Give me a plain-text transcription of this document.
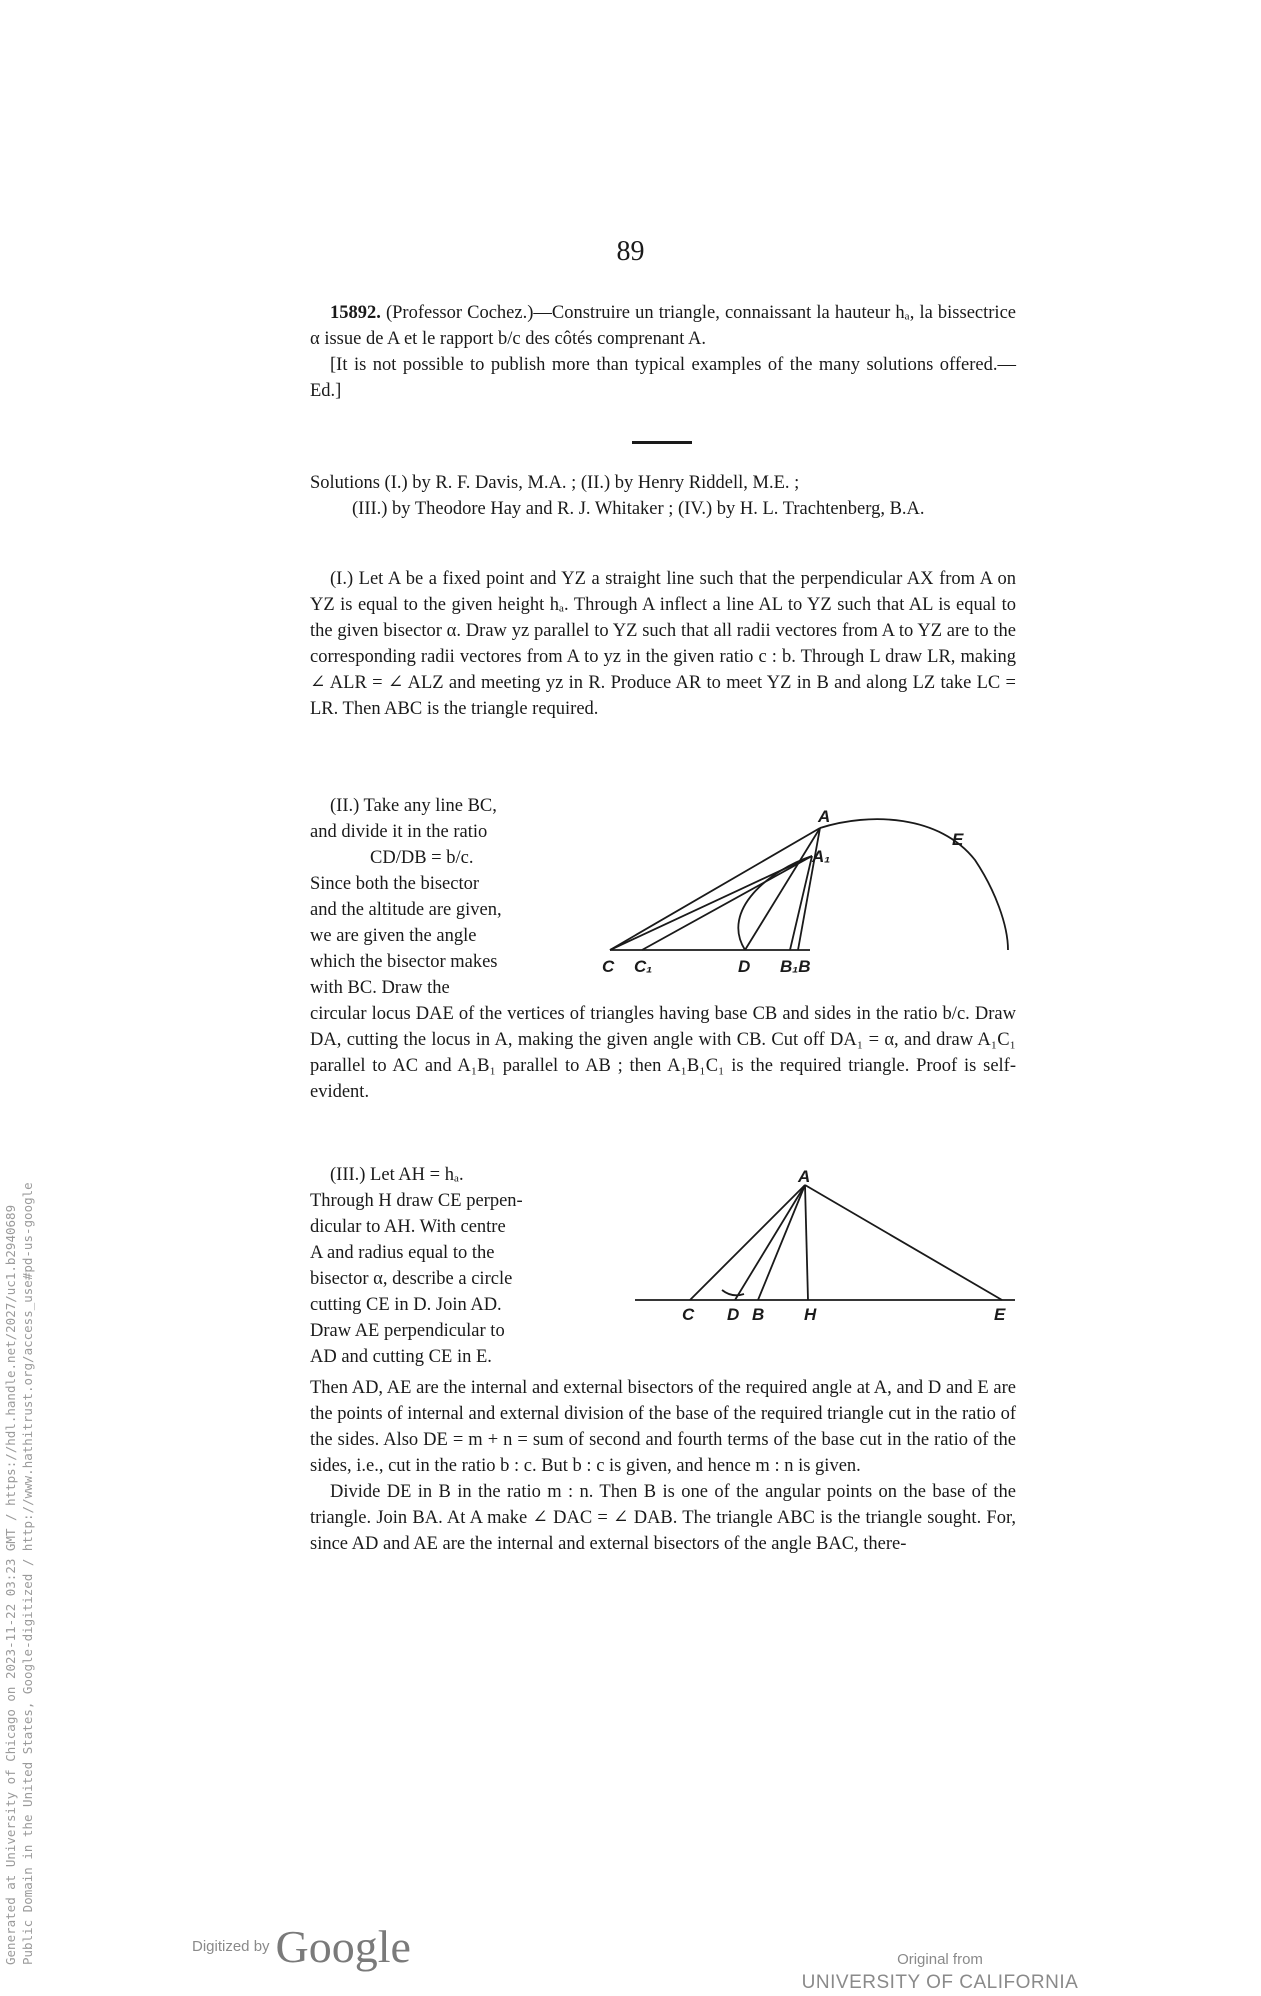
89

15892. (Professor Cochez.)—Construire un triangle, connaissant la hauteur hₐ, la bissectrice α issue de A et le rapport b/c des côtés comprenant A.

[It is not possible to publish more than typical examples of the many solutions offered.—Ed.]

Solutions (I.) by R. F. Davis, M.A. ; (II.) by Henry Riddell, M.E. ;

(III.) by Theodore Hay and R. J. Whitaker ; (IV.) by H. L. Trachtenberg, B.A.

(I.) Let A be a fixed point and YZ a straight line such that the perpendicular AX from A on YZ is equal to the given height hₐ. Through A inflect a line AL to YZ such that AL is equal to the given bisector α. Draw yz parallel to YZ such that all radii vectores from A to YZ are to the corresponding radii vectores from A to yz in the given ratio c : b. Through L draw LR, making ∠ ALR = ∠ ALZ and meeting yz in R. Produce AR to meet YZ in B and along LZ take LC = LR. Then ABC is the triangle required.

(II.) Take any line BC,

and divide it in the ratio

CD/DB = b/c.

Since both the bisector

and the altitude are given,

we are given the angle

which the bisector makes

with BC. Draw the

A
A₁
E
C C₁	D B₁B

circular locus DAE of the vertices of triangles having base CB and sides in the ratio b/c. Draw DA, cutting the locus in A, making the given angle with CB. Cut off DA₁ = α, and draw A₁C₁ parallel to AC and A₁B₁ parallel to AB ; then A₁B₁C₁ is the required triangle. Proof is self-evident.

(III.) Let AH = hₐ.

Through H draw CE perpen-

dicular to AH. With centre

A and radius equal to the

bisector α, describe a circle

cutting CE in D. Join AD.

Draw AE perpendicular to

AD and cutting CE in E.

A
C D B H	E

Then AD, AE are the internal and external bisectors of the required angle at A, and D and E are the points of internal and external division of the base of the required triangle cut in the ratio of the sides. Also DE = m + n = sum of second and fourth terms of the base cut in the ratio of the sides, i.e., cut in the ratio b : c. But b : c is given, and hence m : n is given.

Divide DE in B in the ratio m : n. Then B is one of the angular points on the base of the triangle. Join BA. At A make ∠ DAC = ∠ DAB. The triangle ABC is the triangle sought. For, since AD and AE are the internal and external bisectors of the angle BAC, there-

Generated at University of Chicago on 2023-11-22 03:23 GMT / https://hdl.handle.net/2027/uc1.b2940689 Public Domain in the United States, Google-digitized / http://www.hathitrust.org/access_use#pd-us-google	Digitized by Google	Original from
UNIVERSITY OF CALIFORNIA
